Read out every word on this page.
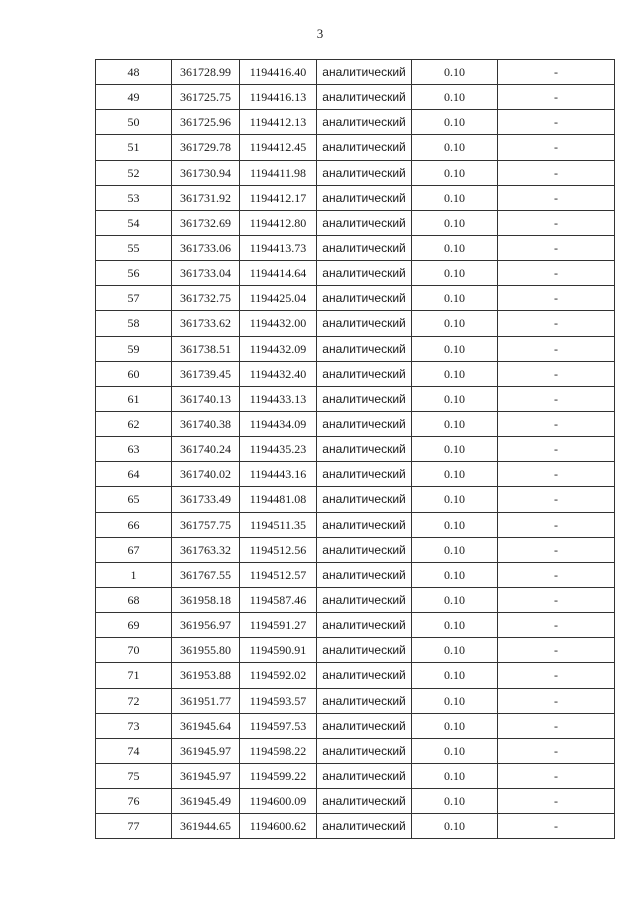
3
48	361728.99	1194416.40	аналитический	0.10	-
49	361725.75	1194416.13	аналитический	0.10	-
50	361725.96	1194412.13	аналитический	0.10	-
51	361729.78	1194412.45	аналитический	0.10	-
52	361730.94	1194411.98	аналитический	0.10	-
53	361731.92	1194412.17	аналитический	0.10	-
54	361732.69	1194412.80	аналитический	0.10	-
55	361733.06	1194413.73	аналитический	0.10	-
56	361733.04	1194414.64	аналитический	0.10	-
57	361732.75	1194425.04	аналитический	0.10	-
58	361733.62	1194432.00	аналитический	0.10	-
59	361738.51	1194432.09	аналитический	0.10	-
60	361739.45	1194432.40	аналитический	0.10	-
61	361740.13	1194433.13	аналитический	0.10	-
62	361740.38	1194434.09	аналитический	0.10	-
63	361740.24	1194435.23	аналитический	0.10	-
64	361740.02	1194443.16	аналитический	0.10	-
65	361733.49	1194481.08	аналитический	0.10	-
66	361757.75	1194511.35	аналитический	0.10	-
67	361763.32	1194512.56	аналитический	0.10	-
1	361767.55	1194512.57	аналитический	0.10	-
68	361958.18	1194587.46	аналитический	0.10	-
69	361956.97	1194591.27	аналитический	0.10	-
70	361955.80	1194590.91	аналитический	0.10	-
71	361953.88	1194592.02	аналитический	0.10	-
72	361951.77	1194593.57	аналитический	0.10	-
73	361945.64	1194597.53	аналитический	0.10	-
74	361945.97	1194598.22	аналитический	0.10	-
75	361945.97	1194599.22	аналитический	0.10	-
76	361945.49	1194600.09	аналитический	0.10	-
77	361944.65	1194600.62	аналитический	0.10	-
